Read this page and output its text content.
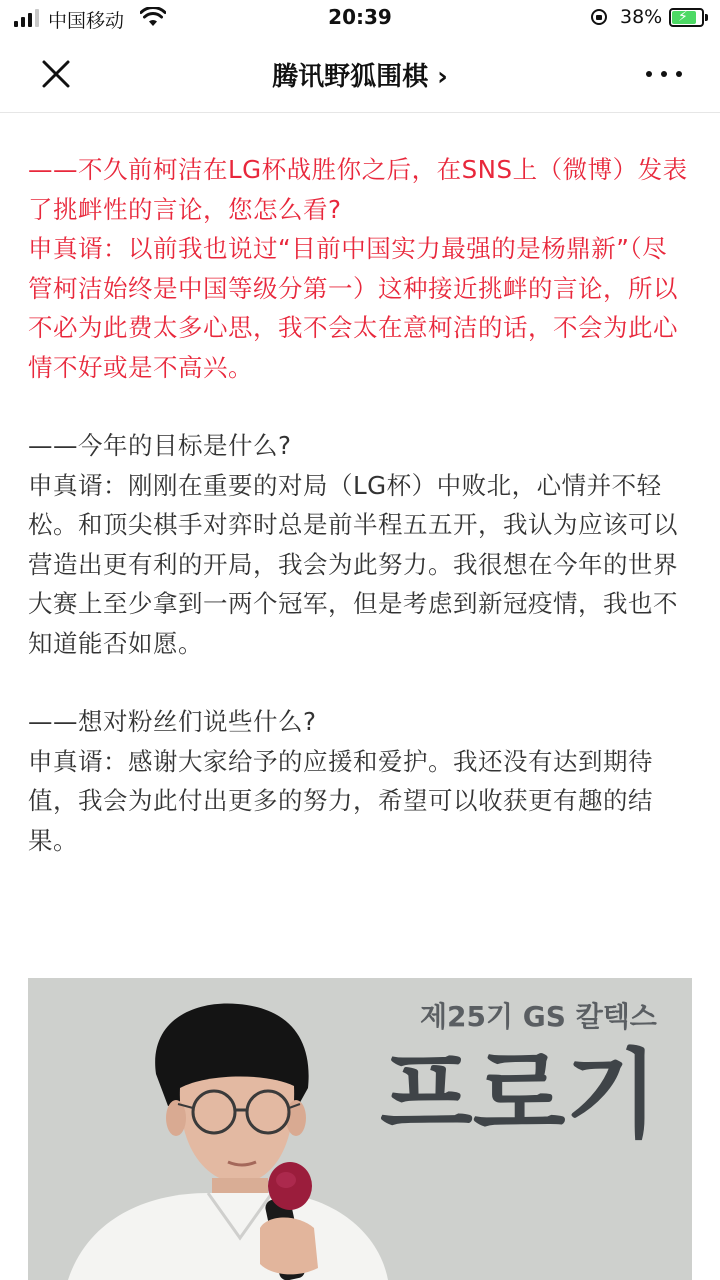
中国移动	20:39	38% ⚡
腾讯野狐围棋 ›

——不久前柯洁在LG杯战胜你之后，在SNS上（微博）发表了挑衅性的言论，您怎么看?

申真谞：以前我也说过“目前中国实力最强的是杨鼎新”（尽管柯洁始终是中国等级分第一）这种接近挑衅的言论，所以不必为此费太多心思，我不会太在意柯洁的话，不会为此心情不好或是不高兴。

——今年的目标是什么?

申真谞：刚刚在重要的对局（LG杯）中败北，心情并不轻松。和顶尖棋手对弈时总是前半程五五开，我认为应该可以营造出更有利的开局，我会为此努力。我很想在今年的世界大赛上至少拿到一两个冠军，但是考虑到新冠疫情，我也不知道能否如愿。

——想对粉丝们说些什么?

申真谞：感谢大家给予的应援和爱护。我还没有达到期待值，我会为此付出更多的努力，希望可以收获更有趣的结果。

제25기 GS 칼텍스
프로기
